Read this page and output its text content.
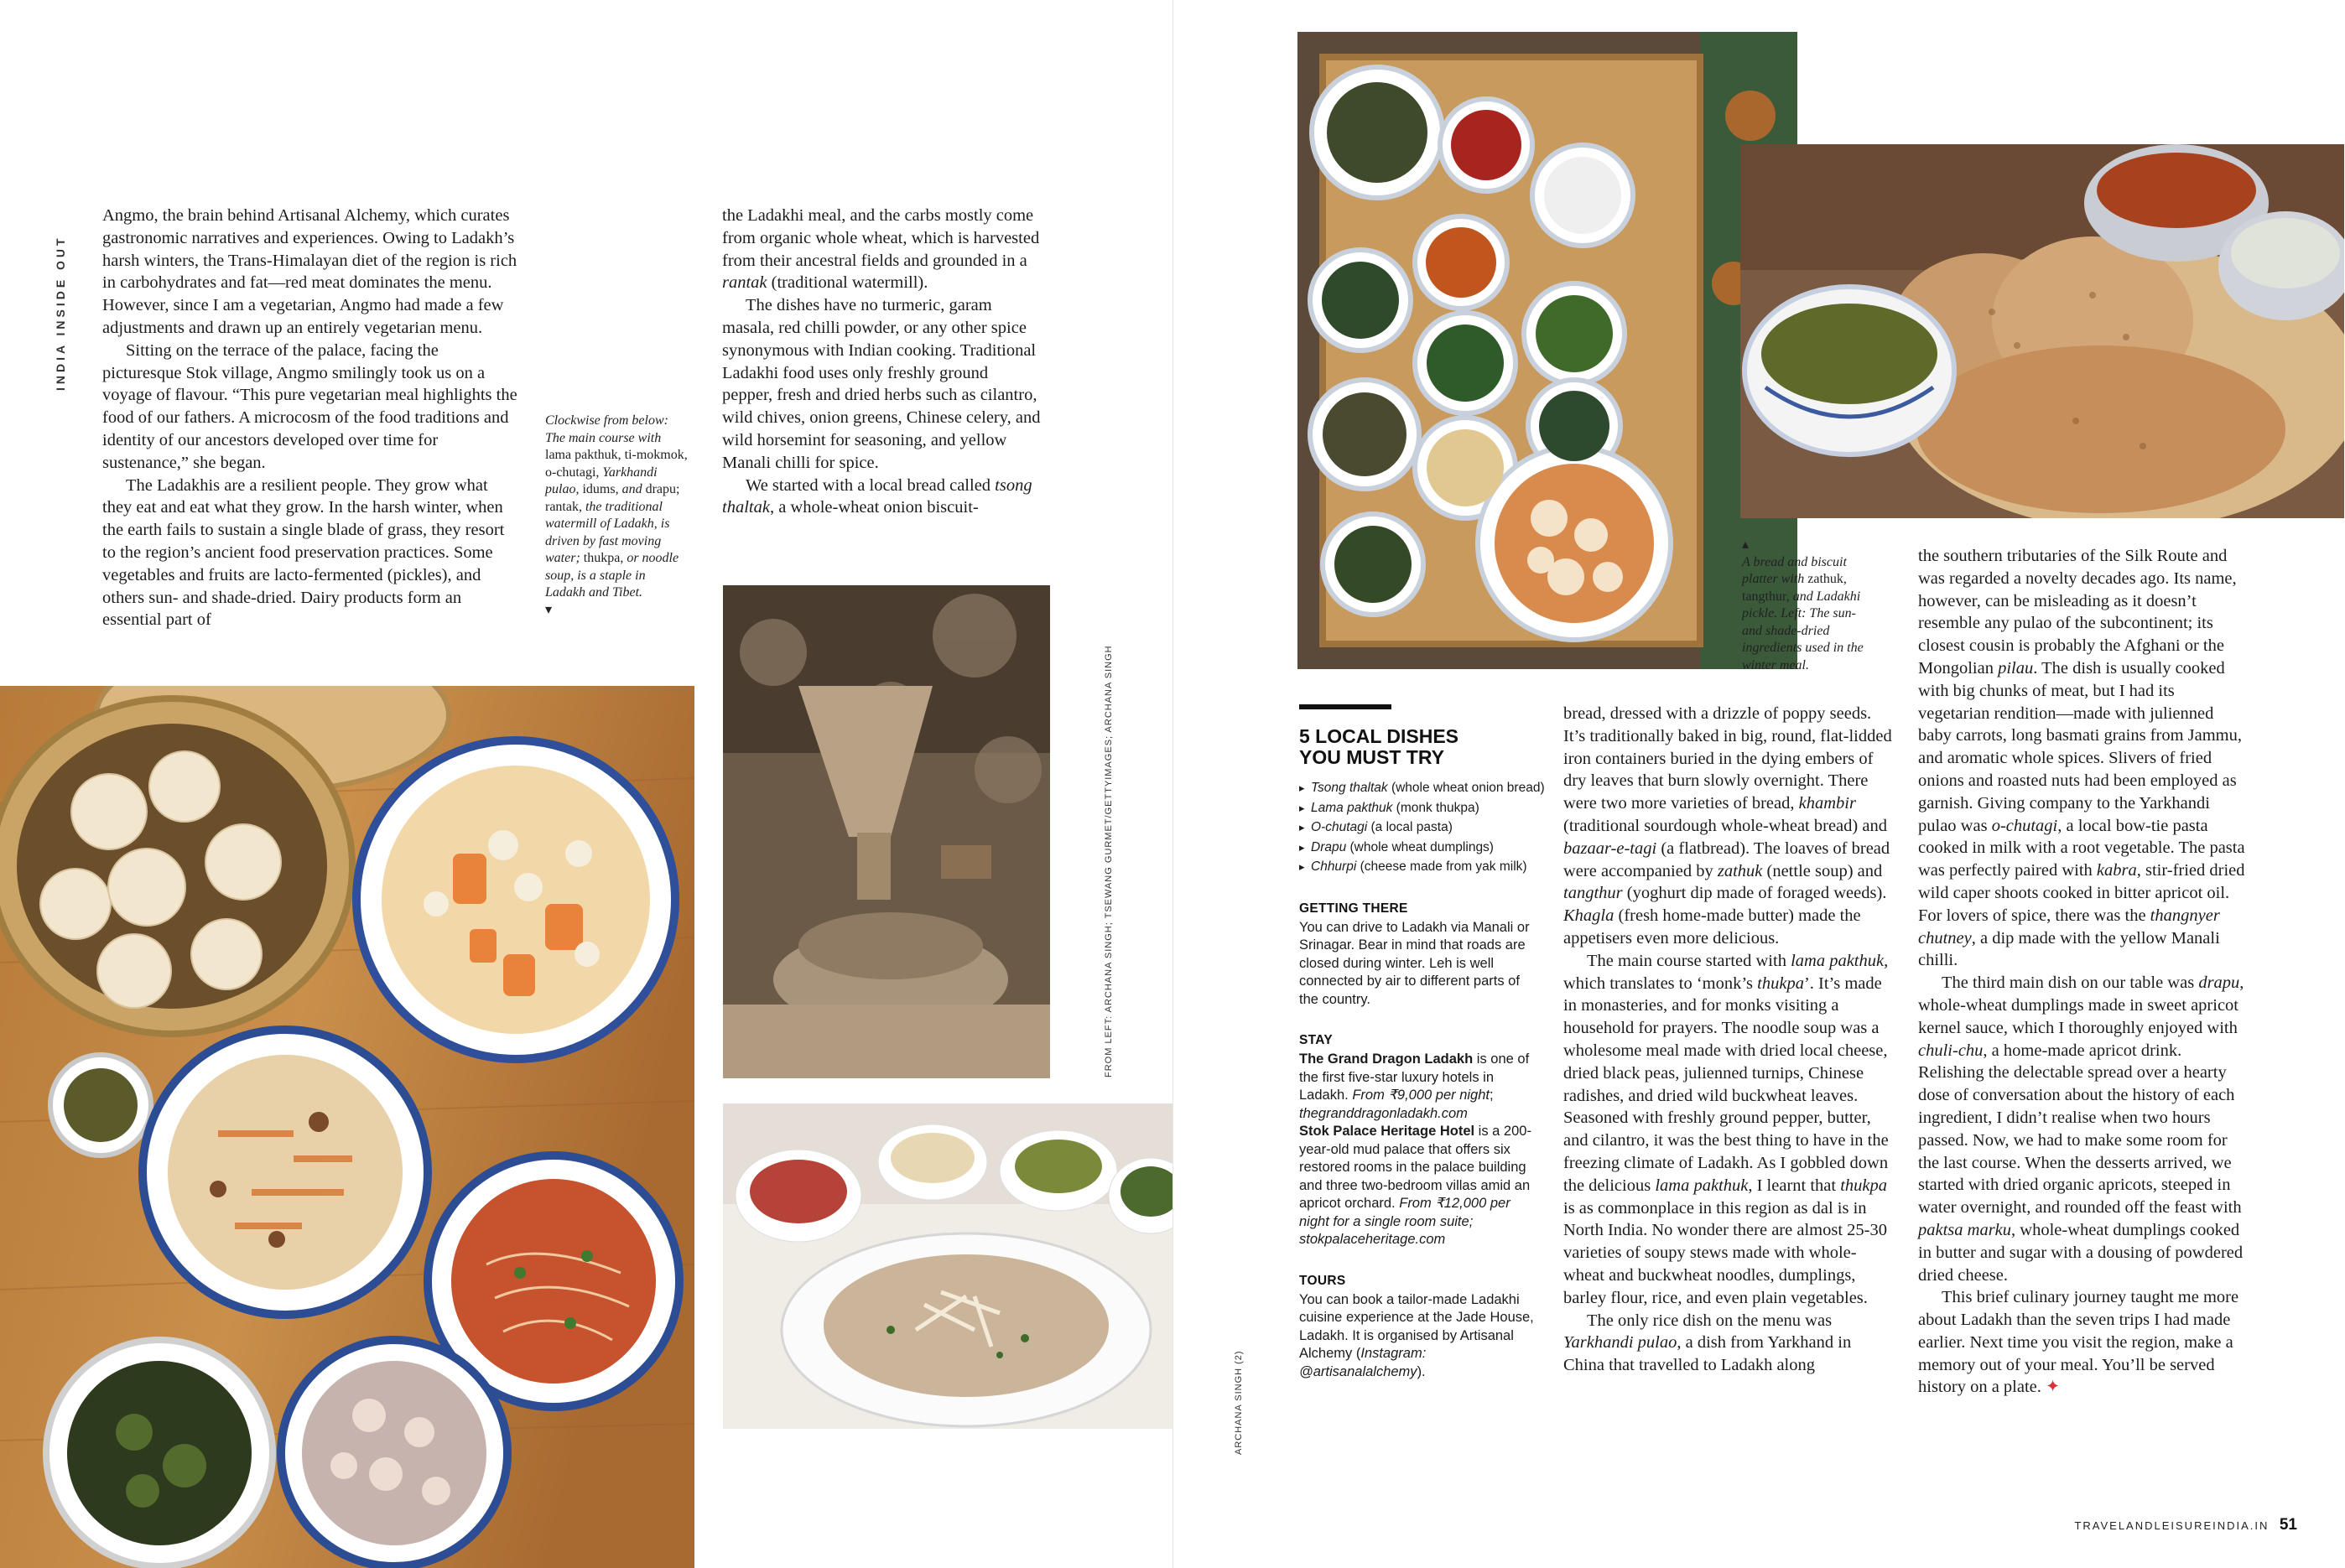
INDIA INSIDE OUT

Angmo, the brain behind Artisanal Alchemy, which curates gastronomic narratives and experiences. Owing to Ladakh’s harsh winters, the Trans-Himalayan diet of the region is rich in carbohydrates and fat—red meat dominates the menu. However, since I am a vegetarian, Angmo had made a few adjustments and drawn up an entirely vegetarian menu.

Sitting on the terrace of the palace, facing the picturesque Stok village, Angmo smilingly took us on a voyage of flavour. “This pure vegetarian meal highlights the food of our fathers. A microcosm of the food traditions and identity of our ancestors developed over time for sustenance,” she began.

The Ladakhis are a resilient people. They grow what they eat and eat what they grow. In the harsh winter, when the earth fails to sustain a single blade of grass, they resort to the region’s ancient food preservation practices. Some vegetables and fruits are lacto-fermented (pickles), and others sun- and shade-dried. Dairy products form an essential part of

Clockwise from below: The main course with lama pakthuk, ti-mokmok, o-chutagi, Yarkhandi pulao, idums, and drapu; rantak, the traditional watermill of Ladakh, is driven by fast moving water; thukpa, or noodle soup, is a staple in Ladakh and Tibet.
▾

the Ladakhi meal, and the carbs mostly come from organic whole wheat, which is harvested from their ancestral fields and grounded in a rantak (traditional watermill).

The dishes have no turmeric, garam masala, red chilli powder, or any other spice synonymous with Indian cooking. Traditional Ladakhi food uses only freshly ground pepper, fresh and dried herbs such as cilantro, wild chives, onion greens, Chinese celery, and wild horsemint for seasoning, and yellow Manali chilli for spice.

We started with a local bread called tsong thaltak, a whole-wheat onion biscuit-

FROM LEFT: ARCHANA SINGH; TSEWANG GURMET/GETTYIMAGES; ARCHANA SINGH
▴
A bread and biscuit platter with zathuk, tangthur, and Ladakhi pickle. Left: The sun- and shade-dried ingredients used in the winter meal.
5 LOCAL DISHES
YOU MUST TRY
▸ Tsong thaltak (whole wheat onion bread)
▸ Lama pakthuk (monk thukpa)
▸ O-chutagi (a local pasta)
▸ Drapu (whole wheat dumplings)
▸ Chhurpi (cheese made from yak milk)
GETTING THERE

You can drive to Ladakh via Manali or Srinagar. Bear in mind that roads are closed during winter. Leh is well connected by air to different parts of the country.

STAY

The Grand Dragon Ladakh is one of the first five-star luxury hotels in Ladakh. From ₹9,000 per night; thegranddragonladakh.com

Stok Palace Heritage Hotel is a 200-year-old mud palace that offers six restored rooms in the palace building and three two-bedroom villas amid an apricot orchard. From ₹12,000 per night for a single room suite; stokpalaceheritage.com

TOURS

You can book a tailor-made Ladakhi cuisine experience at the Jade House, Ladakh. It is organised by Artisanal Alchemy (Instagram: @artisanalalchemy).

ARCHANA SINGH (2)

bread, dressed with a drizzle of poppy seeds. It’s traditionally baked in big, round, flat-lidded iron containers buried in the dying embers of dry leaves that burn slowly overnight. There were two more varieties of bread, khambir (traditional sourdough whole-wheat bread) and bazaar-e-tagi (a flatbread). The loaves of bread were accompanied by zathuk (nettle soup) and tangthur (yoghurt dip made of foraged weeds). Khagla (fresh home-made butter) made the appetisers even more delicious.

The main course started with lama pakthuk, which translates to ‘monk’s thukpa’. It’s made in monasteries, and for monks visiting a household for prayers. The noodle soup was a wholesome meal made with dried local cheese, dried black peas, julienned turnips, Chinese radishes, and dried wild buckwheat leaves. Seasoned with freshly ground pepper, butter, and cilantro, it was the best thing to have in the freezing climate of Ladakh. As I gobbled down the delicious lama pakthuk, I learnt that thukpa is as commonplace in this region as dal is in North India. No wonder there are almost 25-30 varieties of soupy stews made with whole-wheat and buckwheat noodles, dumplings, barley flour, rice, and even plain vegetables.

The only rice dish on the menu was Yarkhandi pulao, a dish from Yarkhand in China that travelled to Ladakh along

the southern tributaries of the Silk Route and was regarded a novelty decades ago. Its name, however, can be misleading as it doesn’t resemble any pulao of the subcontinent; its closest cousin is probably the Afghani or the Mongolian pilau. The dish is usually cooked with big chunks of meat, but I had its vegetarian rendition—made with julienned baby carrots, long basmati grains from Jammu, and aromatic whole spices. Slivers of fried onions and roasted nuts had been employed as garnish. Giving company to the Yarkhandi pulao was o-chutagi, a local bow-tie pasta cooked in milk with a root vegetable. The pasta was perfectly paired with kabra, stir-fried dried wild caper shoots cooked in bitter apricot oil. For lovers of spice, there was the thangnyer chutney, a dip made with the yellow Manali chilli.

The third main dish on our table was drapu, whole-wheat dumplings made in sweet apricot kernel sauce, which I thoroughly enjoyed with chuli-chu, a home-made apricot drink. Relishing the delectable spread over a hearty dose of conversation about the history of each ingredient, I didn’t realise when two hours passed. Now, we had to make some room for the last course. When the desserts arrived, we started with dried organic apricots, steeped in water overnight, and rounded off the feast with paktsa marku, whole-wheat dumplings cooked in butter and sugar with a dousing of powdered dried cheese.

This brief culinary journey taught me more about Ladakh than the seven trips I had made earlier. Next time you visit the region, make a memory out of your meal. You’ll be served history on a plate. ✦

TRAVELANDLEISUREINDIA.IN 51
